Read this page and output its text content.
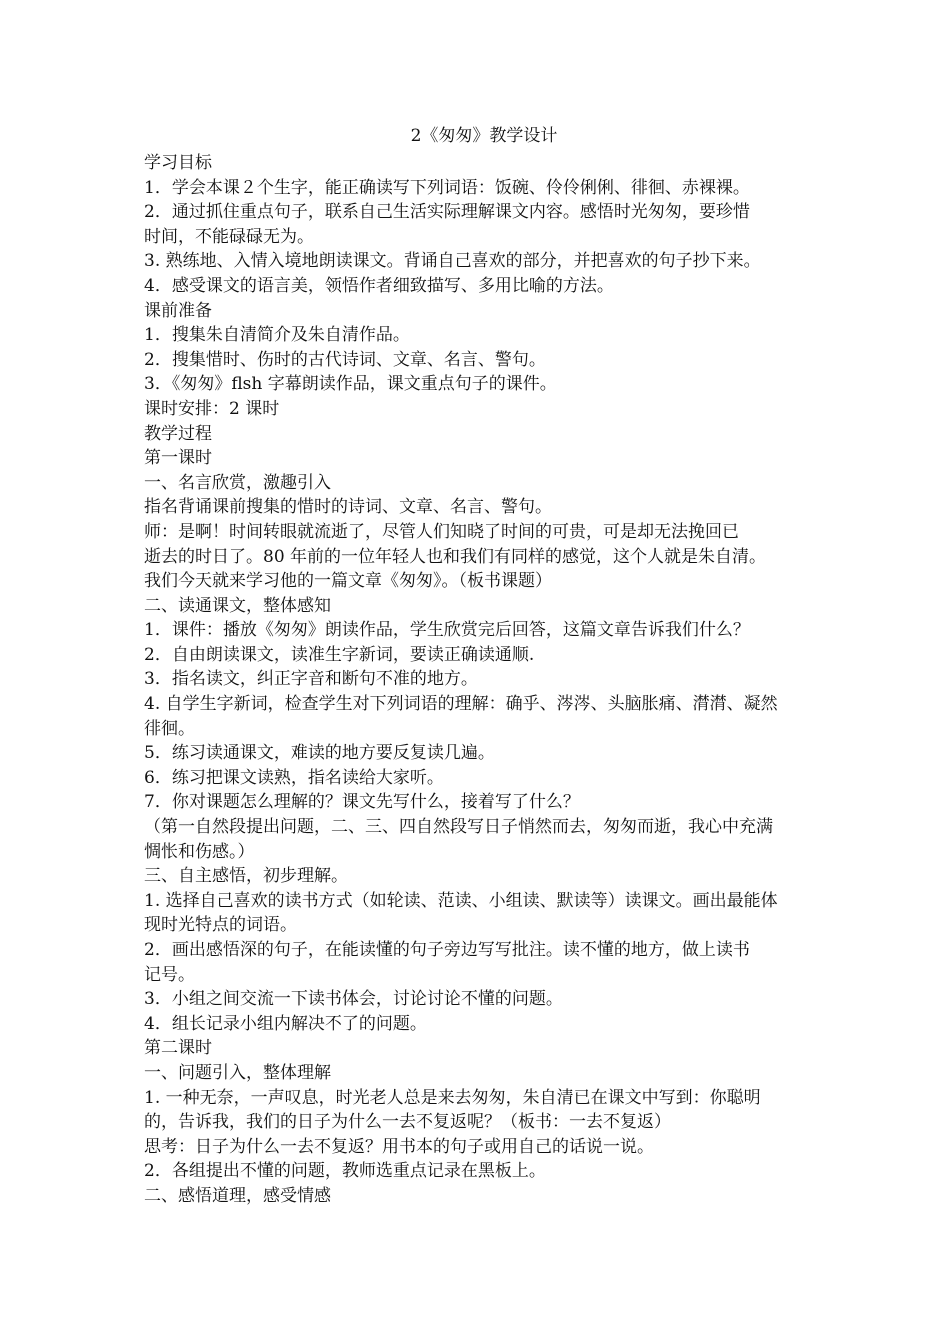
2《匆匆》教学设计
学习目标
1．学会本课２个生字，能正确读写下列词语：饭碗、伶伶俐俐、徘徊、赤裸裸。
2．通过抓住重点句子，联系自己生活实际理解课文内容。感悟时光匆匆，要珍惜
时间，不能碌碌无为。
3. 熟练地、入情入境地朗读课文。背诵自己喜欢的部分，并把喜欢的句子抄下来。
4．感受课文的语言美，领悟作者细致描写、多用比喻的方法。
课前准备
1．搜集朱自清简介及朱自清作品。
2．搜集惜时、伤时的古代诗词、文章、名言、警句。
3．《匆匆》flsh 字幕朗读作品，课文重点句子的课件。
课时安排：2 课时
教学过程
第一课时
一、名言欣赏，激趣引入
指名背诵课前搜集的惜时的诗词、文章、名言、警句。
师：是啊！时间转眼就流逝了，尽管人们知晓了时间的可贵，可是却无法挽回已
逝去的时日了。80 年前的一位年轻人也和我们有同样的感觉，这个人就是朱自清。
我们今天就来学习他的一篇文章《匆匆》。（板书课题）
二、读通课文，整体感知
1．课件：播放《匆匆》朗读作品，学生欣赏完后回答，这篇文章告诉我们什么？
2．自由朗读课文，读准生字新词，要读正确读通顺.
3．指名读文，纠正字音和断句不准的地方。
4. 自学生字新词，检查学生对下列词语的理解：确乎、涔涔、头脑胀痛、潸潸、凝然
徘徊。
5．练习读通课文，难读的地方要反复读几遍。
6．练习把课文读熟，指名读给大家听。
7．你对课题怎么理解的？课文先写什么，接着写了什么？
（第一自然段提出问题，二、三、四自然段写日子悄然而去，匆匆而逝，我心中充满
惆怅和伤感。）
三、自主感悟，初步理解。
1. 选择自己喜欢的读书方式（如轮读、范读、小组读、默读等）读课文。画出最能体
现时光特点的词语。
2．画出感悟深的句子，在能读懂的句子旁边写写批注。读不懂的地方，做上读书
记号。
3．小组之间交流一下读书体会，讨论讨论不懂的问题。
4．组长记录小组内解决不了的问题。
第二课时
一、问题引入，整体理解
1. 一种无奈，一声叹息，时光老人总是来去匆匆，朱自清已在课文中写到：你聪明
的，告诉我，我们的日子为什么一去不复返呢？（板书：一去不复返）
思考：日子为什么一去不复返？用书本的句子或用自己的话说一说。
2．各组提出不懂的问题，教师选重点记录在黑板上。
二、感悟道理，感受情感
